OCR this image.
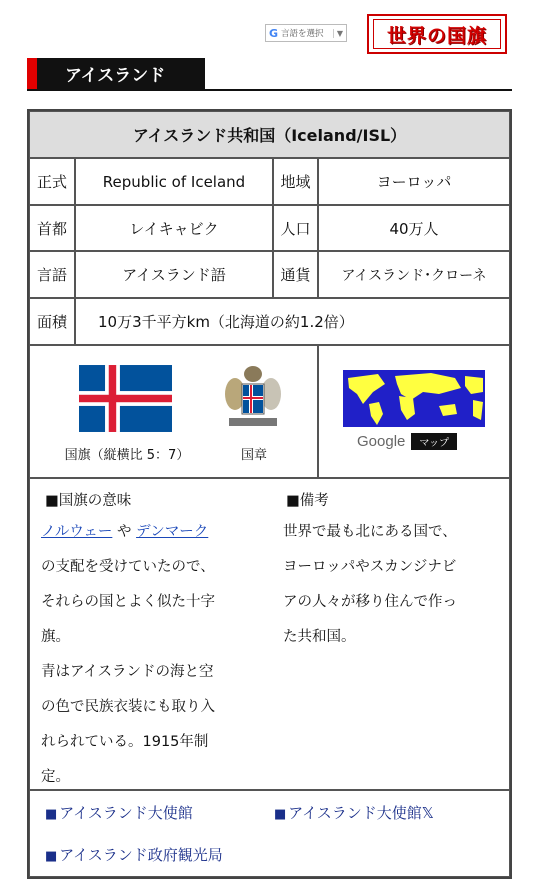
G 言語を選択	▼	世界の国旗
アイスランド
アイスランド共和国（Iceland/ISL）
正式	Republic of Iceland	地域	ヨーロッパ
首都	レイキャビク	人口	40万人
言語	アイスランド語	通貨	アイスランド･クローネ
面積	10万3千平方km（北海道の約1.2倍）
国旗（縦横比 5：7）	国章
Google	マップ
■国旗の意味
ノルウェー や デンマーク
の支配を受けていたので、
それらの国とよく似た十字
旗。
青はアイスランドの海と空
の色で民族衣装にも取り入
れられている。1915年制
定。
■備考
世界で最も北にある国で、
ヨーロッパやスカンジナビ
アの人々が移り住んで作っ
た共和国。
■ アイスランド大使館	■ アイスランド大使館𝕏
■ アイスランド政府観光局
